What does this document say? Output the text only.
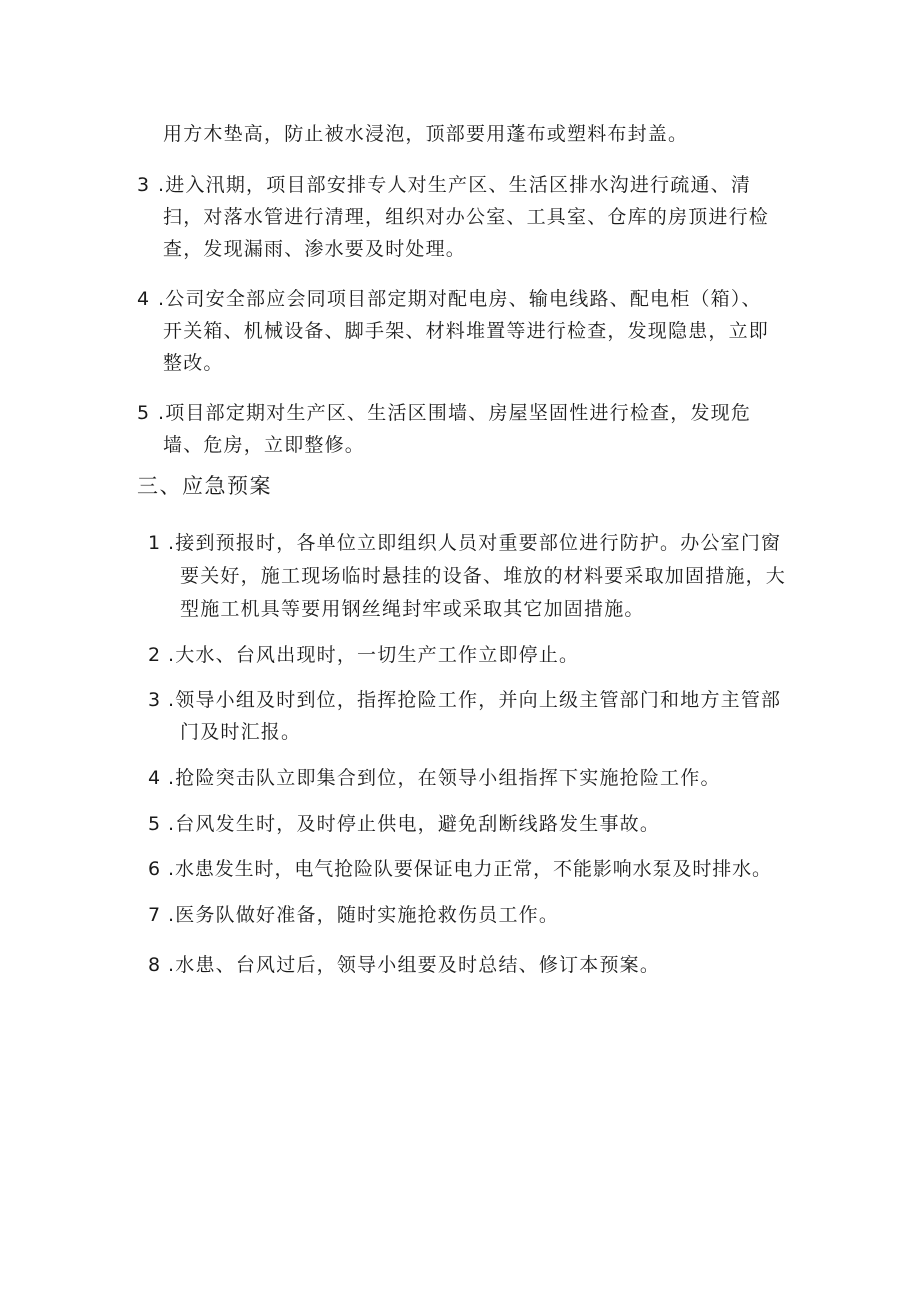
用方木垫高，防止被水浸泡，顶部要用蓬布或塑料布封盖。
3 .进入汛期，项目部安排专人对生产区、生活区排水沟进行疏通、清
扫，对落水管进行清理，组织对办公室、工具室、仓库的房顶进行检
查，发现漏雨、渗水要及时处理。
4 .公司安全部应会同项目部定期对配电房、输电线路、配电柜（箱）、
开关箱、机械设备、脚手架、材料堆置等进行检查，发现隐患，立即
整改。
5 .项目部定期对生产区、生活区围墙、房屋坚固性进行检查，发现危
墙、危房，立即整修。
三、应急预案
1 .接到预报时，各单位立即组织人员对重要部位进行防护。办公室门窗
要关好，施工现场临时悬挂的设备、堆放的材料要采取加固措施，大
型施工机具等要用钢丝绳封牢或采取其它加固措施。
2 .大水、台风出现时，一切生产工作立即停止。
3 .领导小组及时到位，指挥抢险工作，并向上级主管部门和地方主管部
门及时汇报。
4 .抢险突击队立即集合到位，在领导小组指挥下实施抢险工作。
5 .台风发生时，及时停止供电，避免刮断线路发生事故。
6 .水患发生时，电气抢险队要保证电力正常，不能影响水泵及时排水。
7 .医务队做好准备，随时实施抢救伤员工作。
8 .水患、台风过后，领导小组要及时总结、修订本预案。
